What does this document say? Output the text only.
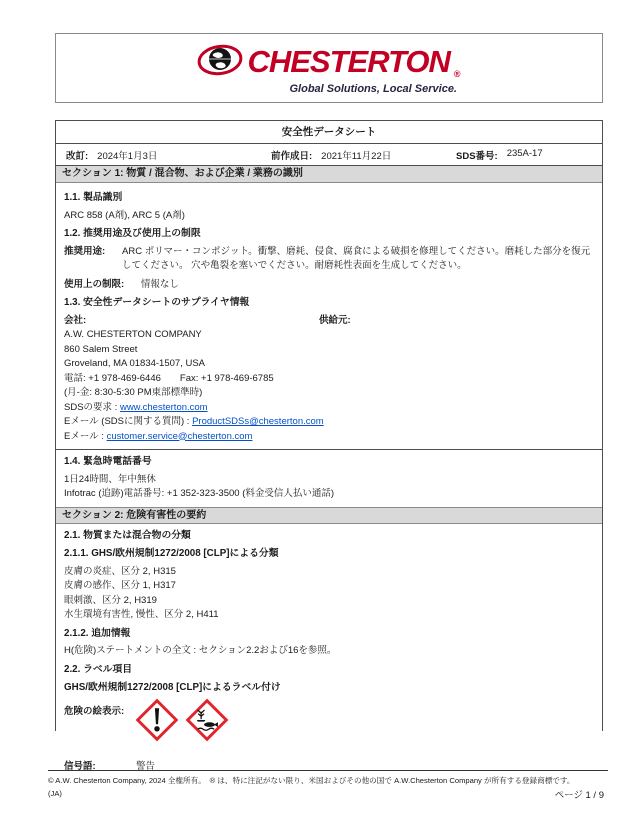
CHESTERTON ®
Global Solutions, Local Service.
安全性データシート
改訂: 2024年1月3日	前作成日: 2021年11月22日	SDS番号: 235A-17
セクション 1: 物質 / 混合物、および企業 / 業務の識別
1.1. 製品識別

ARC 858 (A剤), ARC 5 (A剤)

1.2. 推奨用途及び使用上の制限
推奨用途:	ARC ポリマー・コンポジット。衝撃、磨耗、侵食、腐食による破損を修理してください。磨耗した部分を復元してください。 穴や亀裂を塞いでください。耐磨耗性表面を生成してください。

使用上の制限: 情報なし

1.3. 安全性データシートのサプライヤ情報
会社:	供給元:

A.W. CHESTERTON COMPANY

860 Salem Street

Groveland, MA 01834-1507, USA

電話: +1 978-469-6446　　Fax: +1 978-469-6785

(月-金: 8:30-5:30 PM東部標準時)

SDSの要求 : www.chesterton.com

Eメール (SDSに関する質問) : ProductSDSs@chesterton.com

Eメール : customer.service@chesterton.com

1.4. 緊急時電話番号

1日24時間、年中無休

Infotrac (追跡)電話番号: +1 352-323-3500 (料金受信人払い通話)

セクション 2: 危険有害性の要約
2.1. 物質または混合物の分類
2.1.1. GHS/欧州規制1272/2008 [CLP]による分類

皮膚の炎症、区分 2, H315

皮膚の感作、区分 1, H317

眼刺激、区分 2, H319

水生環境有害性, 慢性、区分 2, H411

2.1.2. 追加情報

H(危険)ステートメントの全文 : セクション2.2および16を参照。

2.2. ラベル項目
GHS/欧州規制1272/2008 [CLP]によるラベル付け
危険の絵表示:
信号語:	警告
© A.W. Chesterton Company, 2024 全権所有。　® は、特に注記がない限り、米国およびその他の国で A.W.Chesterton Company が所有する登録商標です。
(JA)	ページ 1 / 9
